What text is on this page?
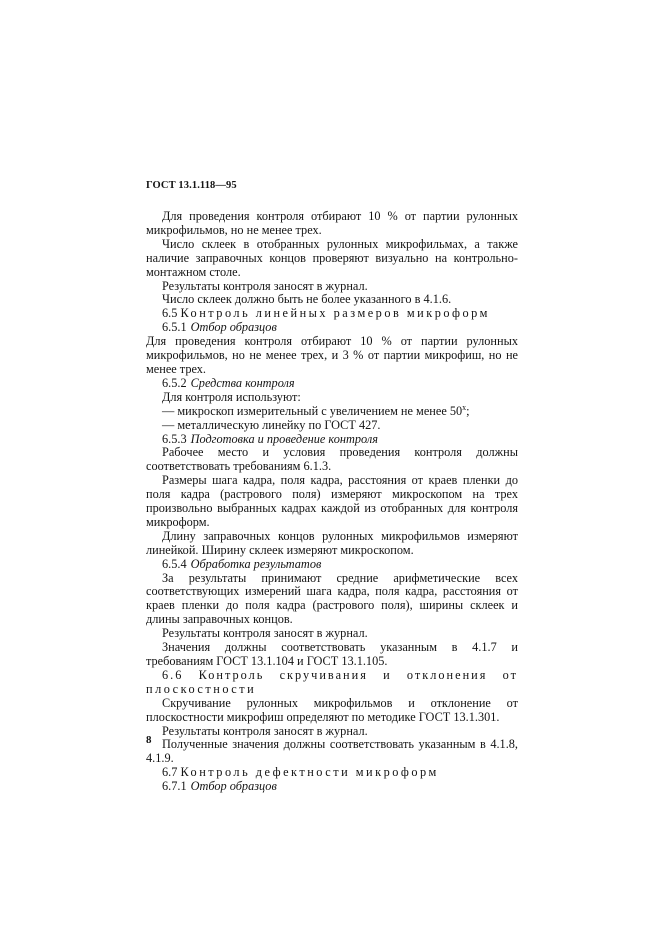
ГОСТ 13.1.118—95

Для проведения контроля отбирают 10 % от партии рулонных микрофильмов, но не менее трех.

Число склеек в отобранных рулонных микрофильмах, а также наличие заправочных концов проверяют визуально на контрольно-монтажном столе.

Результаты контроля заносят в журнал.

Число склеек должно быть не более указанного в 4.1.6.

6.5 Контроль линейных размеров микроформ

6.5.1 Отбор образцов

Для проведения контроля отбирают 10 % от партии рулонных микрофильмов, но не менее трех, и 3 % от партии микрофиш, но не менее трех.

6.5.2 Средства контроля

Для контроля используют:

— микроскоп измерительный с увеличением не менее $50^х$;

— металлическую линейку по ГОСТ 427.

6.5.3 Подготовка и проведение контроля

Рабочее место и условия проведения контроля должны соответствовать требованиям 6.1.3.

Размеры шага кадра, поля кадра, расстояния от краев пленки до поля кадра (растрового поля) измеряют микроскопом на трех произвольно выбранных кадрах каждой из отобранных для контроля микроформ.

Длину заправочных концов рулонных микрофильмов измеряют линейкой. Ширину склеек измеряют микроскопом.

6.5.4 Обработка результатов

За результаты принимают средние арифметические всех соответствующих измерений шага кадра, поля кадра, расстояния от краев пленки до поля кадра (растрового поля), ширины склеек и длины заправочных концов.

Результаты контроля заносят в журнал.

Значения должны соответствовать указанным в 4.1.7 и требованиям ГОСТ 13.1.104 и ГОСТ 13.1.105.

6.6 Контроль скручивания и отклонения от

плоскостности

Скручивание рулонных микрофильмов и отклонение от плоскостности микрофиш определяют по методике ГОСТ 13.1.301.

Результаты контроля заносят в журнал.

Полученные значения должны соответствовать указанным в 4.1.8, 4.1.9.

6.7 Контроль дефектности микроформ

6.7.1 Отбор образцов

8
